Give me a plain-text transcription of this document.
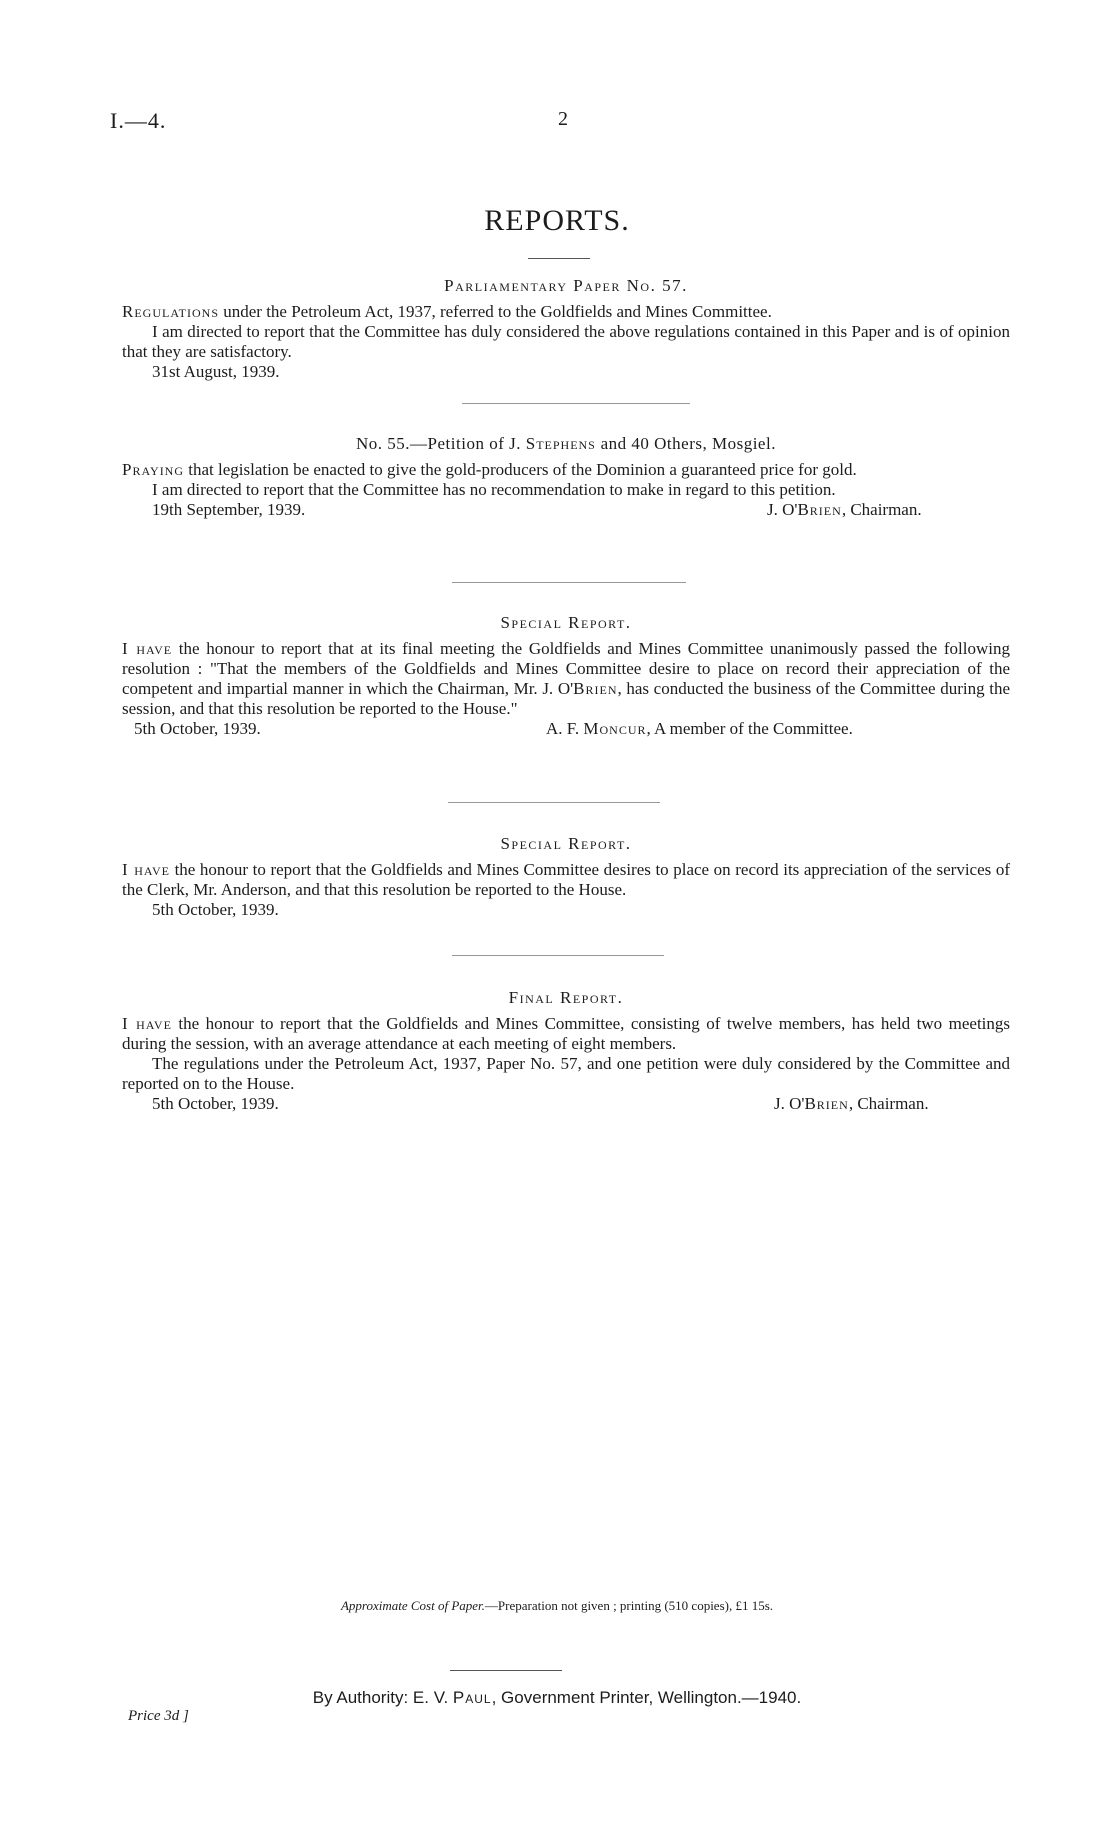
I.—4.	2
REPORTS.
Parliamentary Paper No. 57.

Regulations under the Petroleum Act, 1937, referred to the Goldfields and Mines Committee.

I am directed to report that the Committee has duly considered the above regulations contained in this Paper and is of opinion that they are satisfactory.

31st August, 1939.
No. 55.—Petition of J. Stephens and 40 Others, Mosgiel.

Praying that legislation be enacted to give the gold-producers of the Dominion a guaranteed price for gold.

I am directed to report that the Committee has no recommendation to make in regard to this petition.

19th September, 1939.	J. O'Brien, Chairman.
Special Report.

I have the honour to report that at its final meeting the Goldfields and Mines Committee unanimously passed the following resolution : "That the members of the Goldfields and Mines Committee desire to place on record their appreciation of the competent and impartial manner in which the Chairman, Mr. J. O'Brien, has conducted the business of the Committee during the session, and that this resolution be reported to the House."

5th October, 1939.	A. F. Moncur, A member of the Committee.
Special Report.

I have the honour to report that the Goldfields and Mines Committee desires to place on record its appreciation of the services of the Clerk, Mr. Anderson, and that this resolution be reported to the House.

5th October, 1939.
Final Report.

I have the honour to report that the Goldfields and Mines Committee, consisting of twelve members, has held two meetings during the session, with an average attendance at each meeting of eight members.

The regulations under the Petroleum Act, 1937, Paper No. 57, and one petition were duly considered by the Committee and reported on to the House.

5th October, 1939.	J. O'Brien, Chairman.
Approximate Cost of Paper.—Preparation not given ; printing (510 copies), £1 15s.
By Authority: E. V. Paul, Government Printer, Wellington.—1940.
Price 3d ]
